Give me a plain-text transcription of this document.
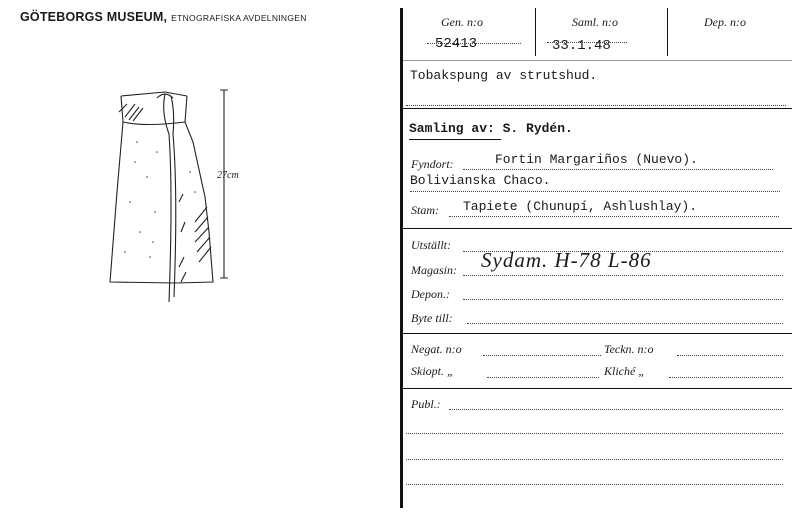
GÖTEBORGS MUSEUM, ETNOGRAFISKA AVDELNINGEN
27cm
Gen. n:o
52413
Saml. n:o
33.1.48
Dep. n:o
Tobakspung av strutshud.
Samling av: S. Rydén.
Fyndort:	Fortin Margariños (Nuevo).
Bolivianska Chaco.
Stam: Tapiete (Chunupí, Ashlushlay).
Utställt:
Magasin: Sydam. H-78 L-86
Depon.:
Byte till:
Negat. n:o	Teckn. n:o
Skiopt. „	Kliché „
Publ.:
